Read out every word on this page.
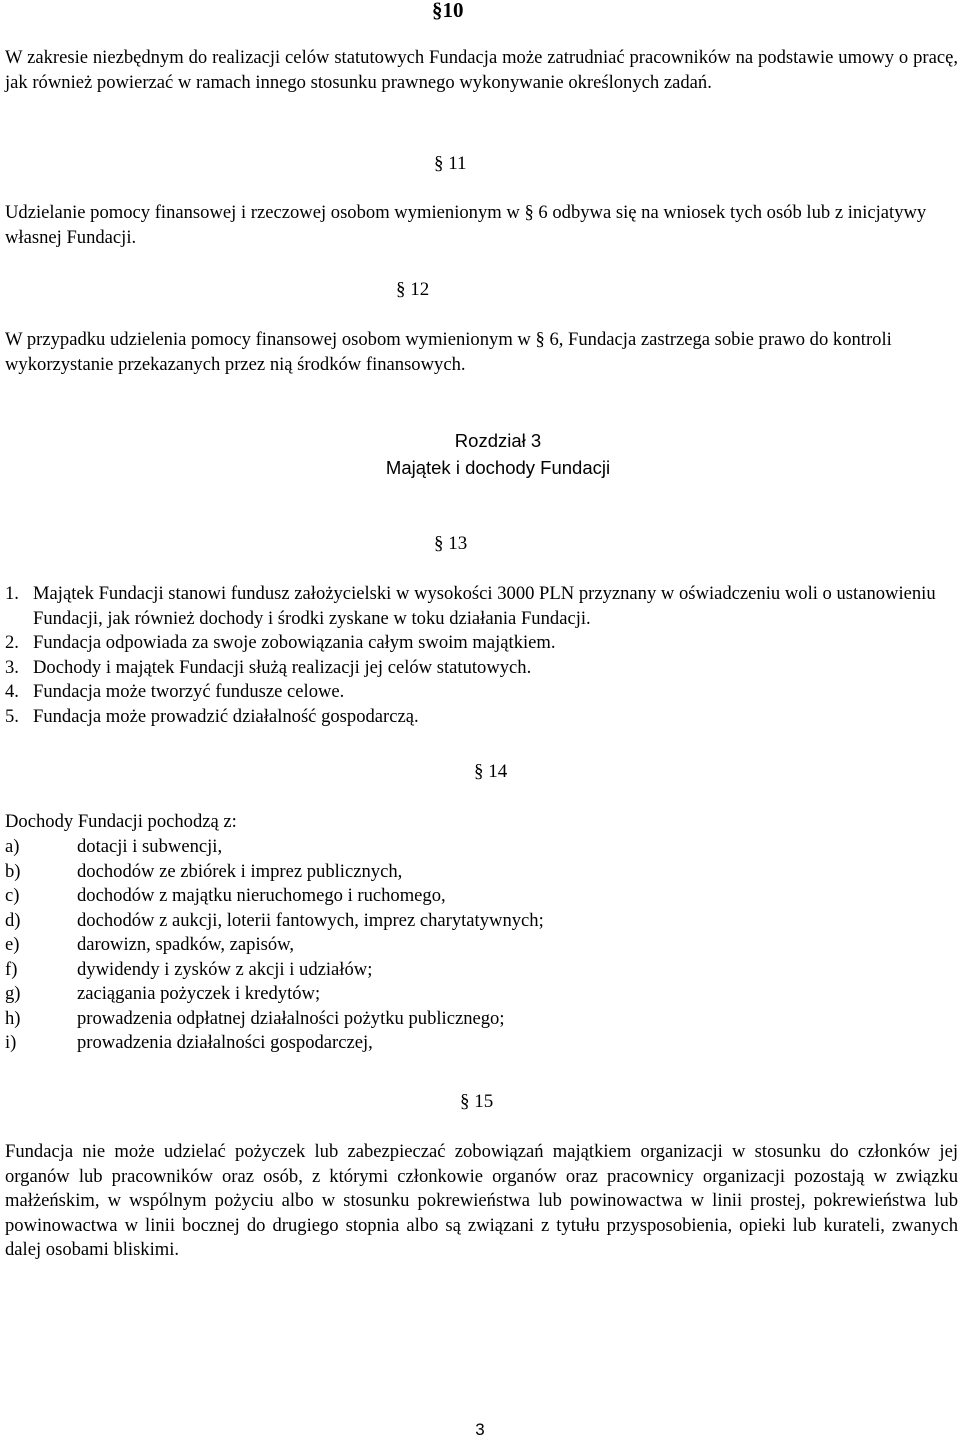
§10

W zakresie niezbędnym do realizacji celów statutowych Fundacja może zatrudniać pracowników na podstawie umowy o pracę, jak również powierzać w ramach innego stosunku prawnego wykonywanie określonych zadań.

§ 11

Udzielanie pomocy finansowej i rzeczowej osobom wymienionym w § 6 odbywa się na wniosek tych osób lub z inicjatywy własnej Fundacji.

§ 12

W przypadku udzielenia pomocy finansowej osobom wymienionym w § 6, Fundacja zastrzega sobie prawo do kontroli wykorzystanie przekazanych przez nią środków finansowych.

Rozdział 3

Majątek i dochody Fundacji

§ 13

1. Majątek Fundacji stanowi fundusz założycielski w wysokości 3000 PLN przyznany w oświadczeniu woli o ustanowieniu Fundacji, jak również dochody i środki zyskane w toku działania Fundacji.
2. Fundacja odpowiada za swoje zobowiązania całym swoim majątkiem.
3. Dochody i majątek Fundacji służą realizacji jej celów statutowych.
4. Fundacja może tworzyć fundusze celowe.
5. Fundacja może prowadzić działalność gospodarczą.

§ 14

Dochody Fundacji pochodzą z:

a)	dotacji i subwencji,
b)	dochodów ze zbiórek i imprez publicznych,
c)	dochodów z majątku nieruchomego i ruchomego,
d)	dochodów z aukcji, loterii fantowych, imprez charytatywnych;
e)	darowizn, spadków, zapisów,
f)	dywidendy i zysków z akcji i udziałów;
g)	zaciągania pożyczek i kredytów;
h)	prowadzenia odpłatnej działalności pożytku publicznego;
i)	prowadzenia działalności gospodarczej,

§ 15

Fundacja nie może udzielać pożyczek lub zabezpieczać zobowiązań majątkiem organizacji w stosunku do członków jej organów lub pracowników oraz osób, z którymi członkowie organów oraz pracownicy organizacji pozostają w związku małżeńskim, w wspólnym pożyciu albo w stosunku pokrewieństwa lub powinowactwa w linii prostej, pokrewieństwa lub powinowactwa w linii bocznej do drugiego stopnia albo są związani z tytułu przysposobienia, opieki lub kurateli, zwanych dalej osobami bliskimi.

3
